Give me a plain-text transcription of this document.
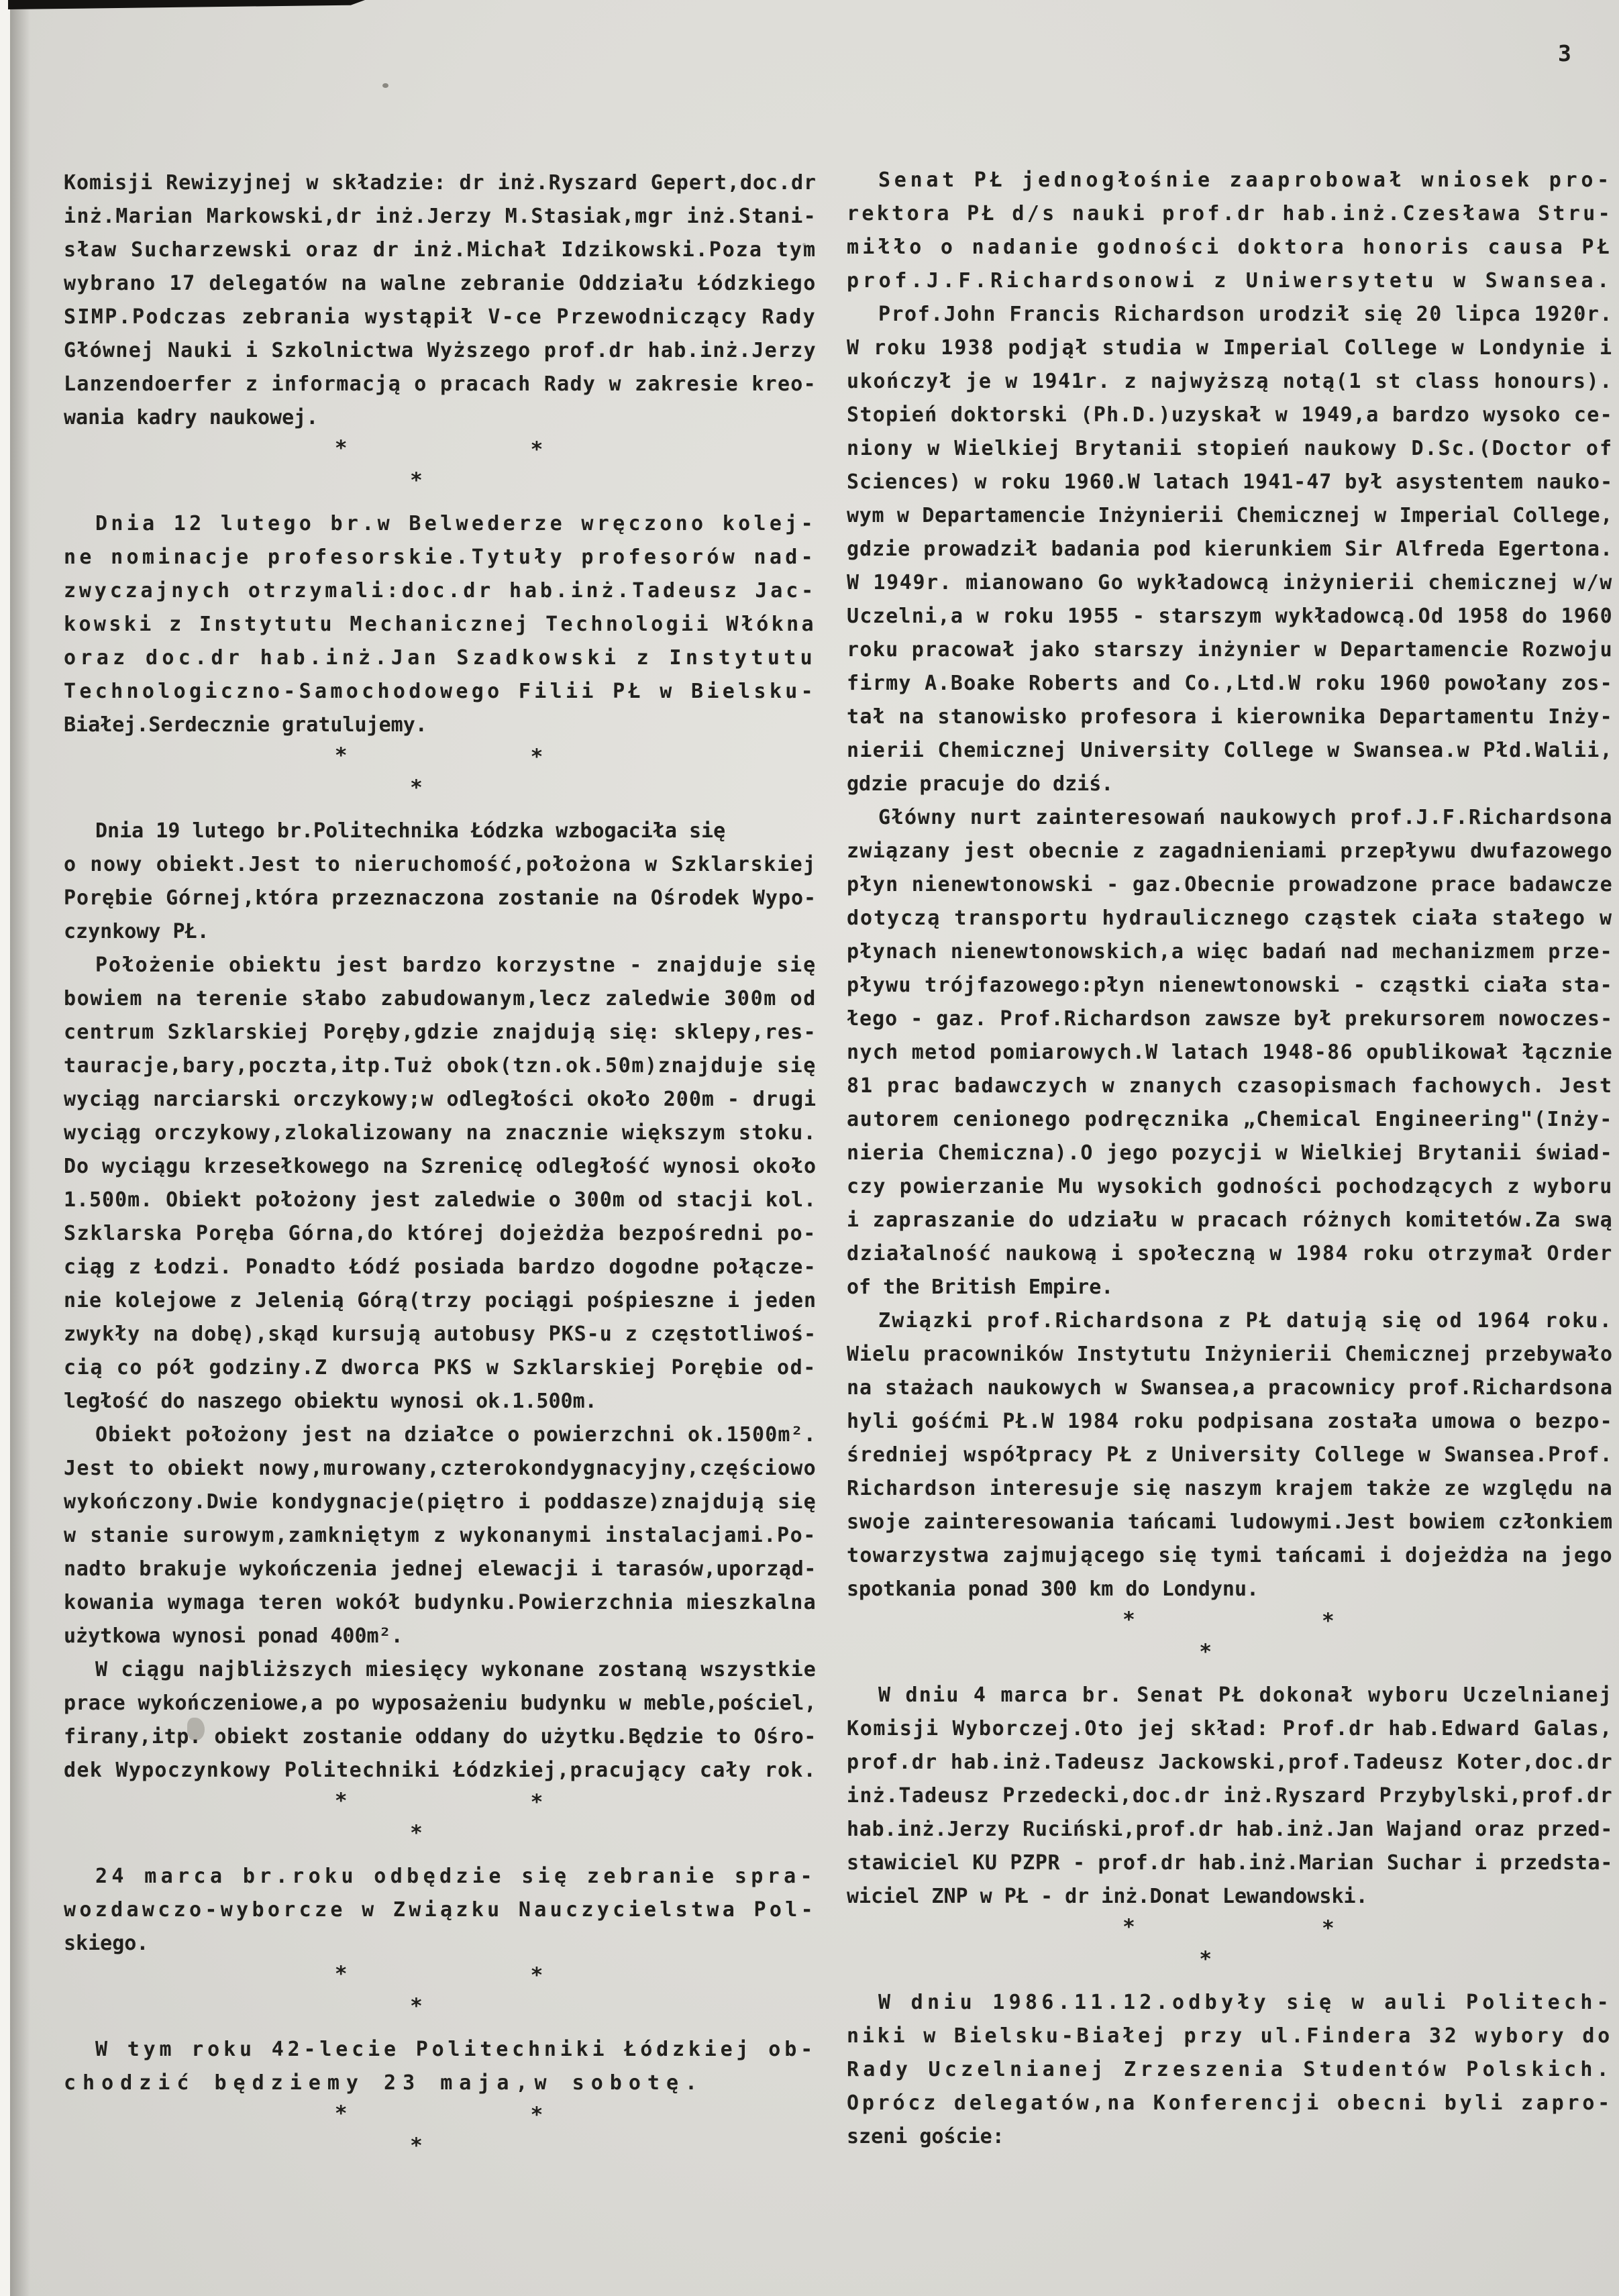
3
Komisji Rewizyjnej w składzie: dr inż.Ryszard Gepert,doc.dr
inż.Marian Markowski,dr inż.Jerzy M.Stasiak,mgr inż.Stani-
sław Sucharzewski oraz dr inż.Michał Idzikowski.Poza tym
wybrano 17 delegatów na walne zebranie Oddziału Łódzkiego
SIMP.Podczas zebrania wystąpił V-ce Przewodniczący Rady
Głównej Nauki i Szkolnictwa Wyższego prof.dr hab.inż.Jerzy
Lanzendoerfer z informacją o pracach Rady w zakresie kreo-
wania kadry naukowej.
*	*
*
Dnia 12 lutego br.w Belwederze wręczono kolej-
ne nominacje profesorskie.Tytuły profesorów nad-
zwyczajnych otrzymali:doc.dr hab.inż.Tadeusz Jac-
kowski z Instytutu Mechanicznej Technologii Włókna
oraz doc.dr hab.inż.Jan Szadkowski z Instytutu
Technologiczno-Samochodowego Filii PŁ w Bielsku-
Białej.Serdecznie gratulujemy.
*	*
*
Dnia 19 lutego br.Politechnika Łódzka wzbogaciła się
o nowy obiekt.Jest to nieruchomość,położona w Szklarskiej
Porębie Górnej,która przeznaczona zostanie na Ośrodek Wypo-
czynkowy PŁ.
Położenie obiektu jest bardzo korzystne - znajduje się
bowiem na terenie słabo zabudowanym,lecz zaledwie 300m od
centrum Szklarskiej Poręby,gdzie znajdują się: sklepy,res-
tauracje,bary,poczta,itp.Tuż obok(tzn.ok.50m)znajduje się
wyciąg narciarski orczykowy;w odległości około 200m - drugi
wyciąg orczykowy,zlokalizowany na znacznie większym stoku.
Do wyciągu krzesełkowego na Szrenicę odległość wynosi około
1.500m. Obiekt położony jest zaledwie o 300m od stacji kol.
Szklarska Poręba Górna,do której dojeżdża bezpośredni po-
ciąg z Łodzi. Ponadto Łódź posiada bardzo dogodne połącze-
nie kolejowe z Jelenią Górą(trzy pociągi pośpieszne i jeden
zwykły na dobę),skąd kursują autobusy PKS-u z częstotliwoś-
cią co pół godziny.Z dworca PKS w Szklarskiej Porębie od-
ległość do naszego obiektu wynosi ok.1.500m.
Obiekt położony jest na działce o powierzchni ok.1500m².
Jest to obiekt nowy,murowany,czterokondygnacyjny,częściowo
wykończony.Dwie kondygnacje(piętro i poddasze)znajdują się
w stanie surowym,zamkniętym z wykonanymi instalacjami.Po-
nadto brakuje wykończenia jednej elewacji i tarasów,uporząd-
kowania wymaga teren wokół budynku.Powierzchnia mieszkalna
użytkowa wynosi ponad 400m².
W ciągu najbliższych miesięcy wykonane zostaną wszystkie
prace wykończeniowe,a po wyposażeniu budynku w meble,pościel,
firany,itp. obiekt zostanie oddany do użytku.Będzie to Ośro-
dek Wypoczynkowy Politechniki Łódzkiej,pracujący cały rok.
*	*
*
24 marca br.roku odbędzie się zebranie spra-
wozdawczo-wyborcze w Związku Nauczycielstwa Pol-
skiego.
*	*
*
W tym roku 42-lecie Politechniki Łódzkiej ob-
chodzić będziemy 23 maja,w sobotę.
*	*
*
Senat PŁ jednogłośnie zaaprobował wniosek pro-
rektora PŁ d/s nauki prof.dr hab.inż.Czesława Stru-
miłło o nadanie godności doktora honoris causa PŁ
prof.J.F.Richardsonowi z Uniwersytetu w Swansea.
Prof.John Francis Richardson urodził się 20 lipca 1920r.
W roku 1938 podjął studia w Imperial College w Londynie i
ukończył je w 1941r. z najwyższą notą(1 st class honours).
Stopień doktorski (Ph.D.)uzyskał w 1949,a bardzo wysoko ce-
niony w Wielkiej Brytanii stopień naukowy D.Sc.(Doctor of
Sciences) w roku 1960.W latach 1941-47 był asystentem nauko-
wym w Departamencie Inżynierii Chemicznej w Imperial College,
gdzie prowadził badania pod kierunkiem Sir Alfreda Egertona.
W 1949r. mianowano Go wykładowcą inżynierii chemicznej w/w
Uczelni,a w roku 1955 - starszym wykładowcą.Od 1958 do 1960
roku pracował jako starszy inżynier w Departamencie Rozwoju
firmy A.Boake Roberts and Co.,Ltd.W roku 1960 powołany zos-
tał na stanowisko profesora i kierownika Departamentu Inży-
nierii Chemicznej University College w Swansea.w Płd.Walii,
gdzie pracuje do dziś.
Główny nurt zainteresowań naukowych prof.J.F.Richardsona
związany jest obecnie z zagadnieniami przepływu dwufazowego
płyn nienewtonowski - gaz.Obecnie prowadzone prace badawcze
dotyczą transportu hydraulicznego cząstek ciała stałego w
płynach nienewtonowskich,a więc badań nad mechanizmem prze-
pływu trójfazowego:płyn nienewtonowski - cząstki ciała sta-
łego - gaz. Prof.Richardson zawsze był prekursorem nowoczes-
nych metod pomiarowych.W latach 1948-86 opublikował łącznie
81 prac badawczych w znanych czasopismach fachowych. Jest
autorem cenionego podręcznika „Chemical Engineering"(Inży-
nieria Chemiczna).O jego pozycji w Wielkiej Brytanii świad-
czy powierzanie Mu wysokich godności pochodzących z wyboru
i zapraszanie do udziału w pracach różnych komitetów.Za swą
działalność naukową i społeczną w 1984 roku otrzymał Order
of the British Empire.
Związki prof.Richardsona z PŁ datują się od 1964 roku.
Wielu pracowników Instytutu Inżynierii Chemicznej przebywało
na stażach naukowych w Swansea,a pracownicy prof.Richardsona
hyli gośćmi PŁ.W 1984 roku podpisana została umowa o bezpo-
średniej współpracy PŁ z University College w Swansea.Prof.
Richardson interesuje się naszym krajem także ze względu na
swoje zainteresowania tańcami ludowymi.Jest bowiem członkiem
towarzystwa zajmującego się tymi tańcami i dojeżdża na jego
spotkania ponad 300 km do Londynu.
*	*
*
W dniu 4 marca br. Senat PŁ dokonał wyboru Uczelnianej
Komisji Wyborczej.Oto jej skład: Prof.dr hab.Edward Galas,
prof.dr hab.inż.Tadeusz Jackowski,prof.Tadeusz Koter,doc.dr
inż.Tadeusz Przedecki,doc.dr inż.Ryszard Przybylski,prof.dr
hab.inż.Jerzy Ruciński,prof.dr hab.inż.Jan Wajand oraz przed-
stawiciel KU PZPR - prof.dr hab.inż.Marian Suchar i przedsta-
wiciel ZNP w PŁ - dr inż.Donat Lewandowski.
*	*
*
W dniu 1986.11.12.odbyły się w auli Politech-
niki w Bielsku-Białej przy ul.Findera 32 wybory do
Rady Uczelnianej Zrzeszenia Studentów Polskich.
Oprócz delegatów,na Konferencji obecni byli zapro-
szeni goście:
